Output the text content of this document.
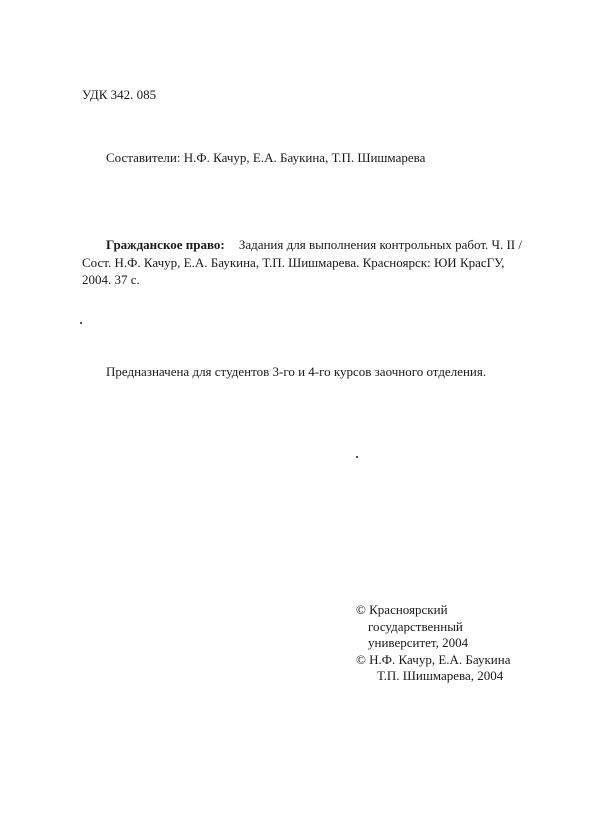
УДК 342. 085
Составители: Н.Ф. Качур, Е.А. Баукина, Т.П. Шишмарева
Гражданское право: Задания для выполнения контрольных работ. Ч. II /
Сост. Н.Ф. Качур, Е.А. Баукина, Т.П. Шишмарева. Красноярск: ЮИ КрасГУ,
2004. 37 с.
Предназначена для студентов 3-го и 4-го курсов заочного отделения.
© Красноярский
государственный
университет, 2004
© Н.Ф. Качур, Е.А. Баукина
Т.П. Шишмарева, 2004
